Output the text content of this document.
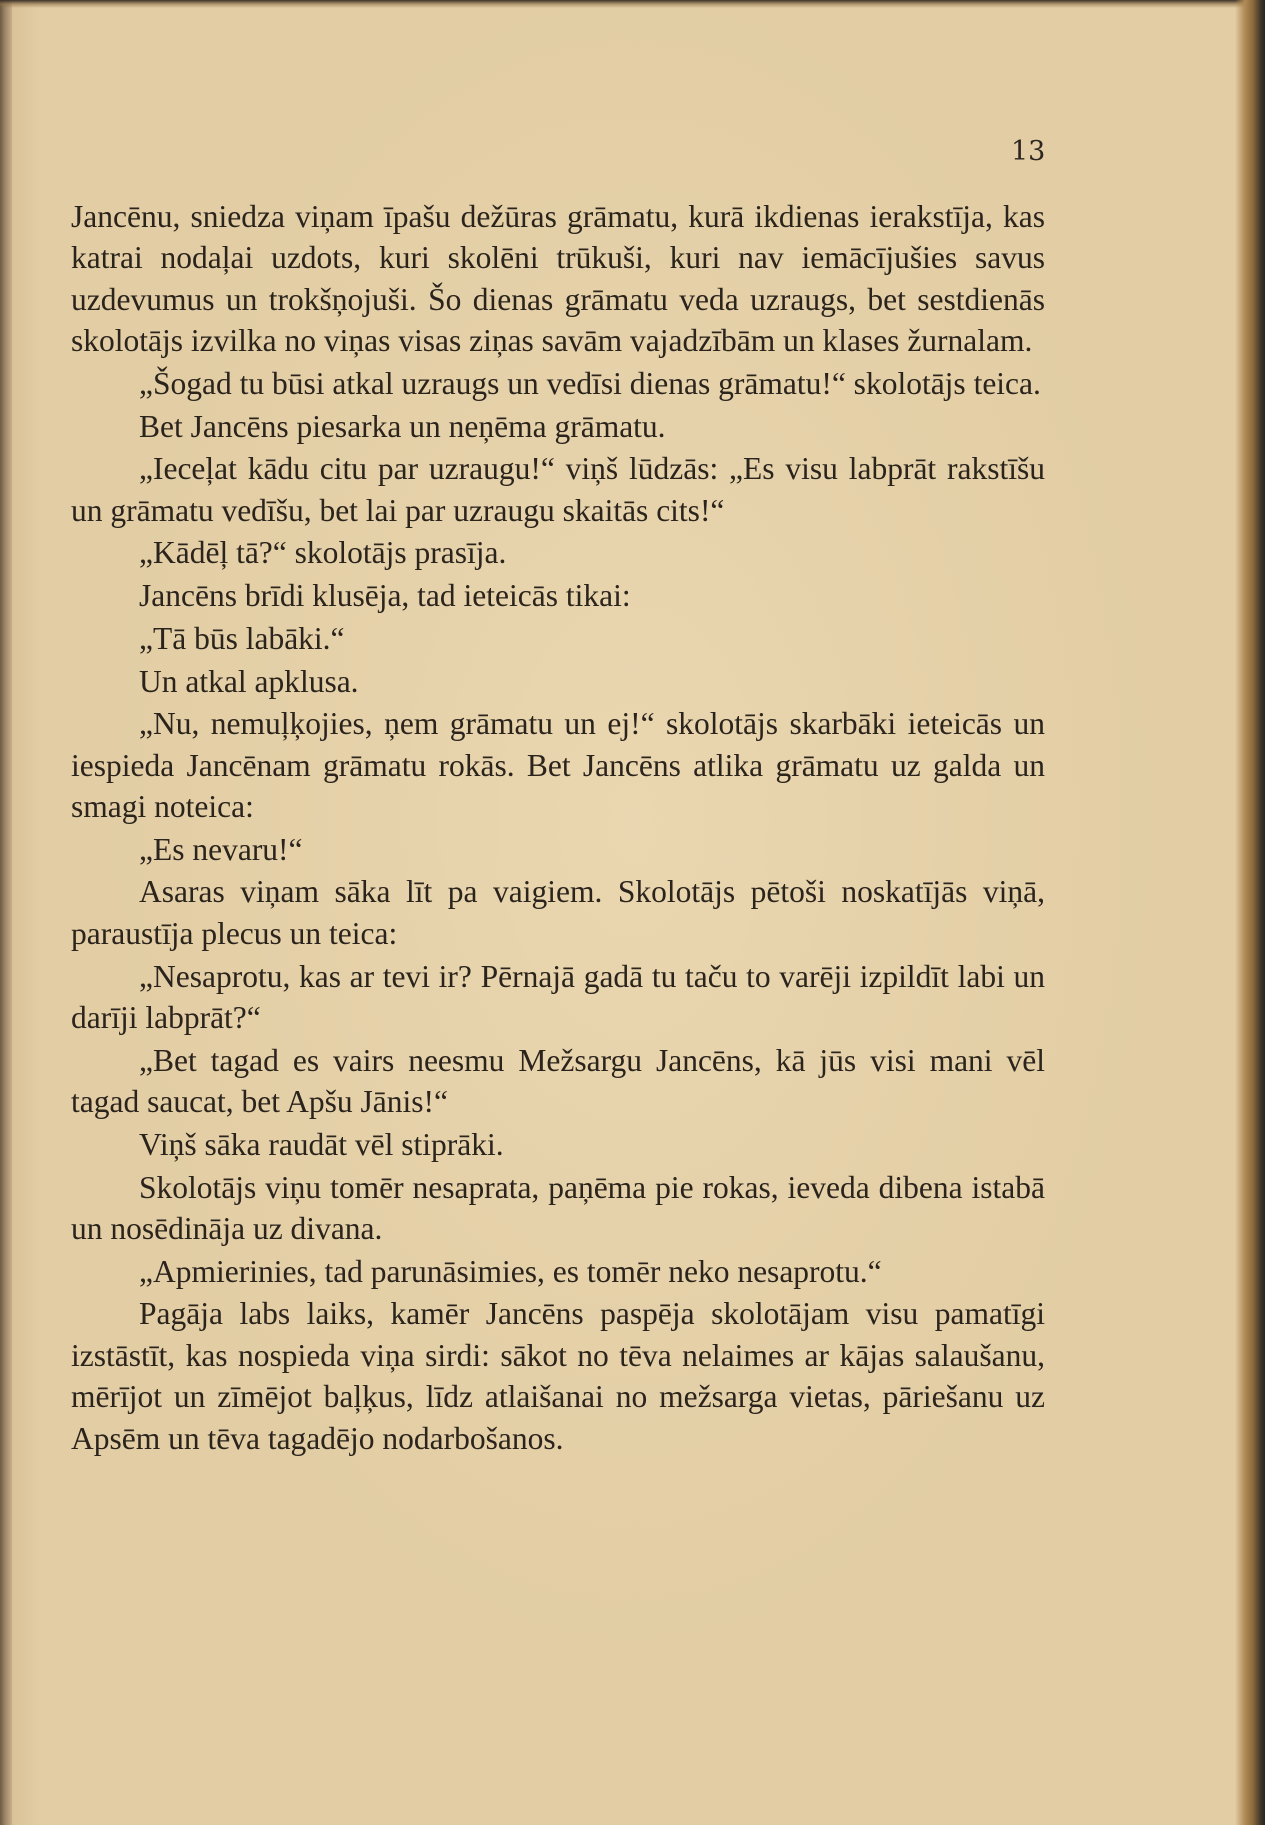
13

Jancēnu, sniedza viņam īpašu dežūras grāmatu, kurā ikdienas ierakstīja, kas katrai nodaļai uzdots, kuri skolēni trūkuši, kuri nav iemācījušies savus uzdevumus un trokšņojuši. Šo dienas grāmatu veda uzraugs, bet sestdienās skolotājs izvilka no viņas visas ziņas savām vajadzībām un klases žurnalam.

„Šogad tu būsi atkal uzraugs un vedīsi dienas grāmatu!“ skolotājs teica.

Bet Jancēns piesarka un neņēma grāmatu.

„Ieceļat kādu citu par uzraugu!“ viņš lūdzās: „Es visu labprāt rakstīšu un grāmatu vedīšu, bet lai par uzraugu skaitās cits!“

„Kādēļ tā?“ skolotājs prasīja.

Jancēns brīdi klusēja, tad ieteicās tikai:

„Tā būs labāki.“

Un atkal apklusa.

„Nu, nemuļķojies, ņem grāmatu un ej!“ skolotājs skarbāki ieteicās un iespieda Jancēnam grāmatu rokās. Bet Jancēns atlika grāmatu uz galda un smagi noteica:

„Es nevaru!“

Asaras viņam sāka līt pa vaigiem. Skolotājs pētoši noskatījās viņā, paraustīja plecus un teica:

„Nesaprotu, kas ar tevi ir? Pērnajā gadā tu taču to varēji izpildīt labi un darīji labprāt?“

„Bet tagad es vairs neesmu Mežsargu Jancēns, kā jūs visi mani vēl tagad saucat, bet Apšu Jānis!“

Viņš sāka raudāt vēl stiprāki.

Skolotājs viņu tomēr nesaprata, paņēma pie rokas, ieveda dibena istabā un nosēdināja uz divana.

„Apmierinies, tad parunāsimies, es tomēr neko nesaprotu.“

Pagāja labs laiks, kamēr Jancēns paspēja skolotājam visu pamatīgi izstāstīt, kas nospieda viņa sirdi: sākot no tēva nelaimes ar kājas salaušanu, mērījot un zīmējot baļķus, līdz atlaišanai no mežsarga vietas, pāriešanu uz Apsēm un tēva tagadējo nodarbošanos.
